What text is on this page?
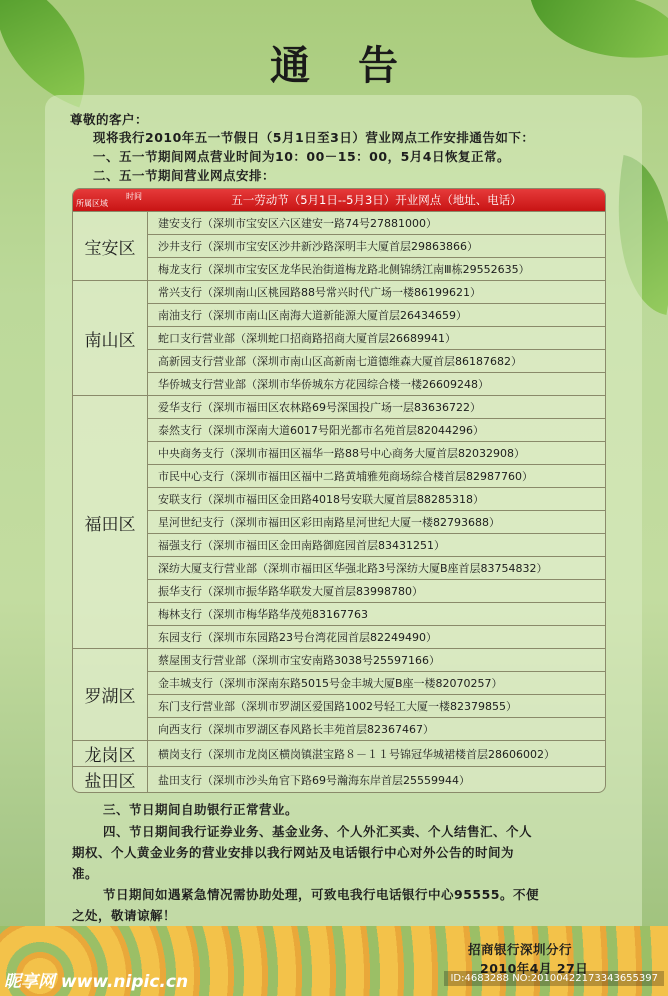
通告
尊敬的客户：
现将我行2010年五一节假日（5月1日至3日）营业网点工作安排通告如下：
一、五一节期间网点营业时间为10：00－15：00，5月4日恢复正常。
二、五一节期间营业网点安排：
时间
所属区域	五一劳动节（5月1日--5月3日）开业网点（地址、电话）
宝安区	建安支行（深圳市宝安区六区建安一路74号27881000）
	沙井支行（深圳市宝安区沙井新沙路深明丰大厦首层29863866）
	梅龙支行（深圳市宝安区龙华民治街道梅龙路北侧锦绣江南Ⅲ栋29552635）
南山区	常兴支行（深圳南山区桃园路88号常兴时代广场一楼86199621）
	南油支行（深圳市南山区南海大道新能源大厦首层26434659）
	蛇口支行营业部（深圳蛇口招商路招商大厦首层26689941）
	高新园支行营业部（深圳市南山区高新南七道德维森大厦首层86187682）
	华侨城支行营业部（深圳市华侨城东方花园综合楼一楼26609248）
福田区	爱华支行（深圳市福田区农林路69号深国投广场一层83636722）
	泰然支行（深圳市深南大道6017号阳光都市名苑首层82044296）
	中央商务支行（深圳市福田区福华一路88号中心商务大厦首层82032908）
	市民中心支行（深圳市福田区福中二路黄埔雅苑商场综合楼首层82987760）
	安联支行（深圳市福田区金田路4018号安联大厦首层88285318）
	星河世纪支行（深圳市福田区彩田南路星河世纪大厦一楼82793688）
	福强支行（深圳市福田区金田南路御庭园首层83431251）
	深纺大厦支行营业部（深圳市福田区华强北路3号深纺大厦B座首层83754832）
	振华支行（深圳市振华路华联发大厦首层83998780）
	梅林支行（深圳市梅华路华茂苑83167763
	东园支行（深圳市东园路23号台湾花园首层82249490）
罗湖区	蔡屋围支行营业部（深圳市宝安南路3038号25597166）
	金丰城支行（深圳市深南东路5015号金丰城大厦B座一楼82070257）
	东门支行营业部（深圳市罗湖区爱国路1002号轻工大厦一楼82379855）
	向西支行（深圳市罗湖区春风路长丰苑首层82367467）
龙岗区	横岗支行（深圳市龙岗区横岗镇湛宝路８－１１号锦冠华城裙楼首层28606002）
盐田区	盐田支行（深圳市沙头角官下路69号瀚海东岸首层25559944）
三、节日期间自助银行正常营业。
四、节日期间我行证券业务、基金业务、个人外汇买卖、个人结售汇、个人
期权、个人黄金业务的营业安排以我行网站及电话银行中心对外公告的时间为
准。
节日期间如遇紧急情况需协助处理，可致电我行电话银行中心95555。不便
之处，敬请谅解！
招商银行深圳分行
2010年4月 27日
昵享网 www.nipic.cn	ID:4683288 NO:20100422173343655397
